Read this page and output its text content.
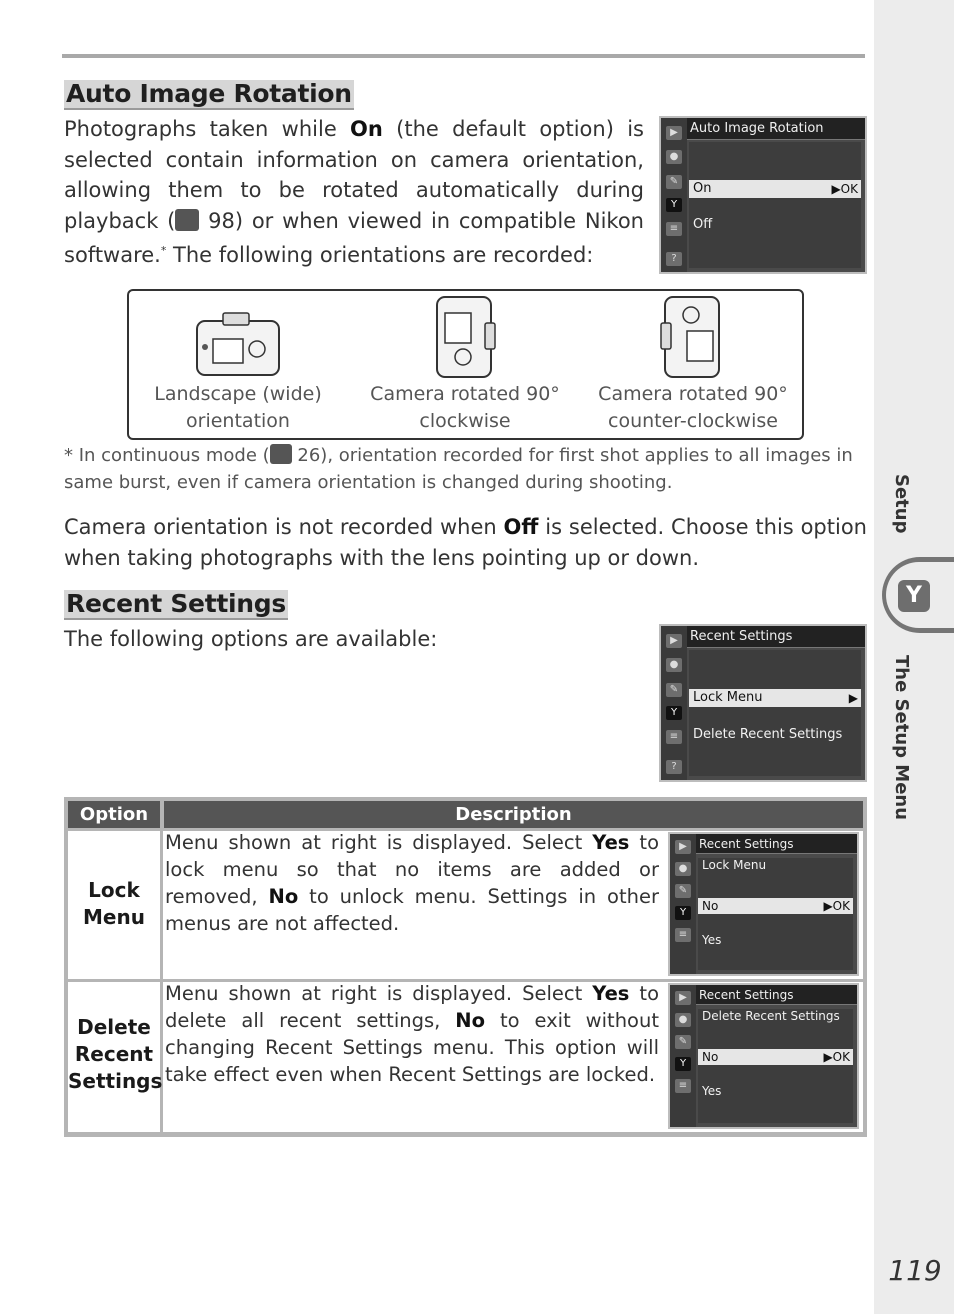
Auto Image Rotation
Photographs taken while On (the default option) is selected contain information on camera orientation, allowing them to be rotated automatically during playback ( 98) or when viewed in compatible Nikon software.* The following orientations are recorded:
▶
●
✎
Y
≡
?
Auto Image Rotation
On	▶OK
Off
Landscape (wide)
orientation
Camera rotated 90°
clockwise
Camera rotated 90°
counter-clockwise
* In continuous mode ( 26), orientation recorded for first shot applies to all images in same burst, even if camera orientation is changed during shooting.
Camera orientation is not recorded when Off is selected. Choose this option when taking photographs with the lens pointing up or down.
Recent Settings
The following options are available:	▶
●
✎
Y
≡
?
Recent Settings
Lock Menu	▶
Delete Recent Settings
Option	Description
Lock
Menu
Menu shown at right is displayed. Select Yes to lock menu so that no items are added or removed, No to unlock menu. Settings in other menus are not affected.
▶
●
✎
Y
≡
Recent Settings
Lock Menu
No	▶OK
Yes
Delete
Recent
Settings
Menu shown at right is displayed. Select Yes to delete all recent settings, No to exit without changing Recent Settings menu. This option will take effect even when Recent Settings are locked.
▶
●
✎
Y
≡
Recent Settings
Delete Recent Settings
No	▶OK
Yes
Setup
Y
The Setup Menu
119
